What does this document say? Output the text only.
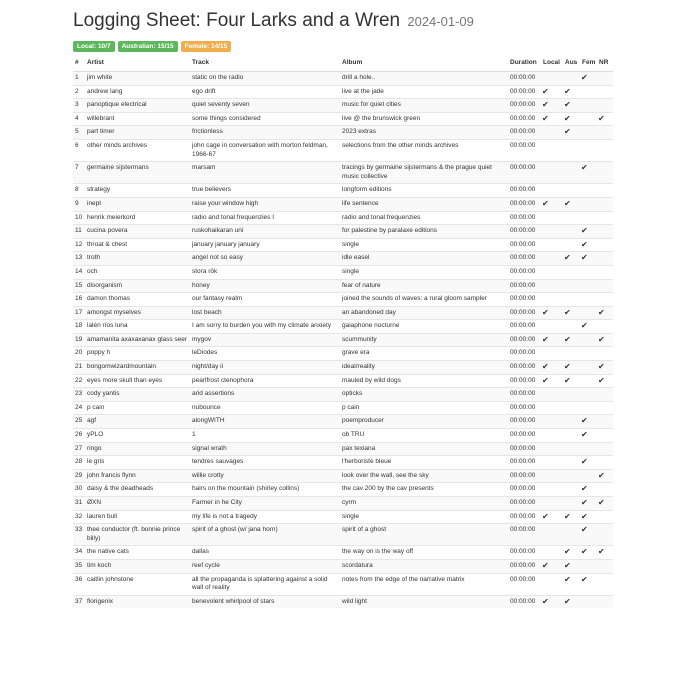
Logging Sheet: Four Larks and a Wren 2024-01-09
Local: 10/7	Australian: 15/15	Female: 14/15
#	Artist	Track	Album	Duration	Local	Aus	Fem	NR
1	jim white	static on the radio	drill a hole..	00:00:00			✔	
2	andrew lang	ego drift	live at the jade	00:00:00	✔	✔		
3	panoptique electrical	quiet seventy seven	music for quiet cities	00:00:00	✔	✔		
4	willebrant	some things considered	live @ the brunswick green	00:00:00	✔	✔		✔
5	part timer	frictionless	2023 extras	00:00:00		✔		
6	other minds archives	john cage in conversation with morton feldman, 1966-67	selections from the other minds archives	00:00:00				
7	germaine sijstermans	marsam	tracings by germaine sijstermans & the prague quiet music collective	00:00:00			✔	
8	strategy	true believers	longform editions	00:00:00				
9	inept	raise your window high	life sentence	00:00:00	✔	✔		
10	henrik meierkord	radio and tonal frequenzies I	radio and tonal frequenzies	00:00:00				
11	cucina povera	ruskohaikaran uni	for palestine by paralaxe editions	00:00:00			✔	
12	throat & chest	january january january	single	00:00:00			✔	
13	troth	angel not so easy	idle easel	00:00:00		✔	✔	
14	och	stora rök	single	00:00:00				
15	disorganism	honey	fear of nature	00:00:00				
16	damon thomas	our fantasy realm	joined the sounds of waves: a rural gloom sampler	00:00:00				
17	amongst myselves	lost beach	an abandoned day	00:00:00	✔	✔		✔
18	lalén ríos luna	I am sorry to burden you with my climate anxiety	gaiaphone nocturne	00:00:00			✔	
19	amamanita axaxaxanax glass seer	mygov	scummunity	00:00:00	✔	✔		✔
20	poppy h	leDiodes	grave era	00:00:00				
21	bongomwizardmountain	night/day ii	ideal/reality	00:00:00	✔	✔		✔
22	eyes more skull than eyes	pearlfrost ctenophora	mauled by wild dogs	00:00:00	✔	✔		✔
23	cody yantis	arid assertions	opticks	00:00:00				
24	p cain	nubounce	p cain	00:00:00				
25	agf	alongWITH	poemproducer	00:00:00			✔	
26	yPLO	1	ob TRU	00:00:00			✔	
27	ringo	signal wrath	pax texiana	00:00:00				
28	le gris	tendres sauvages	l'herboriste bleue	00:00:00			✔	
29	john francis flynn	willie crotty	look over the wall, see the sky	00:00:00				✔
30	daisy & the deadheads	hairs on the mountain (shirley collins)	the cav 200 by the cav presents	00:00:00			✔	
31	ØXN	Farmer in he City	cyrm	00:00:00			✔	✔
32	lauren bull	my life is not a tragedy	single	00:00:00	✔	✔	✔	
33	thee conductor (ft. bonnie prince billy)	spirit of a ghost (w/ jana horn)	spirit of a ghost	00:00:00			✔	
34	the native cats	dallas	the way on is the way off	00:00:00		✔	✔	✔
35	tim koch	reef cycle	scordatura	00:00:00	✔	✔		
36	caitlin johnstone	all the propaganda is splattering against a solid wall of reality	notes from the edge of the narrative matrix	00:00:00		✔	✔	
37	florigenix	benevolent whirlpool of stars	wild light	00:00:00	✔	✔		
